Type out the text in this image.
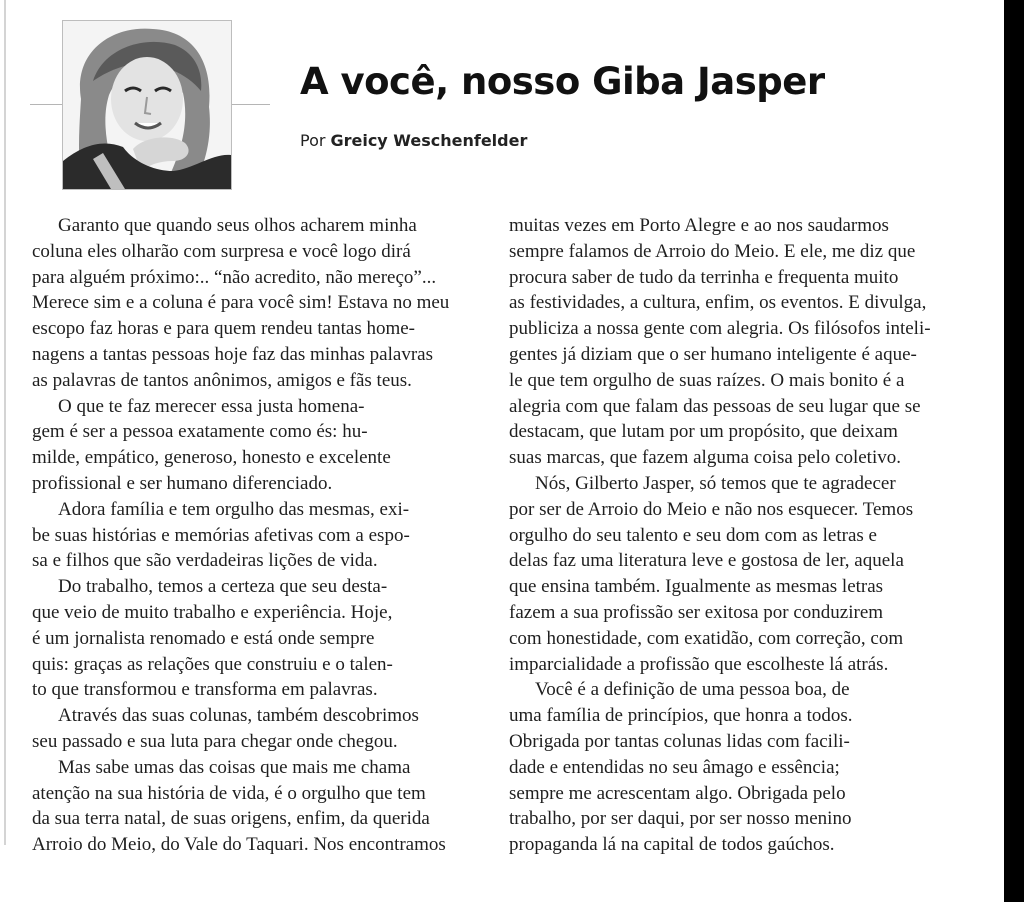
A você, nosso Giba Jasper
Por Greicy Weschenfelder
Garanto que quando seus olhos acharem minha
coluna eles olharão com surpresa e você logo dirá
para alguém próximo:.. “não acredito, não mereço”...
Merece sim e a coluna é para você sim! Estava no meu
escopo faz horas e para quem rendeu tantas home-
nagens a tantas pessoas hoje faz das minhas palavras
as palavras de tantos anônimos, amigos e fãs teus.
O que te faz merecer essa justa homena-
gem é ser a pessoa exatamente como és: hu-
milde, empático, generoso, honesto e excelente
profissional e ser humano diferenciado.
Adora família e tem orgulho das mesmas, exi-
be suas histórias e memórias afetivas com a espo-
sa e filhos que são verdadeiras lições de vida.
Do trabalho, temos a certeza que seu desta-
que veio de muito trabalho e experiência. Hoje,
é um jornalista renomado e está onde sempre
quis: graças as relações que construiu e o talen-
to que transformou e transforma em palavras.
Através das suas colunas, também descobrimos
seu passado e sua luta para chegar onde chegou.
Mas sabe umas das coisas que mais me chama
atenção na sua história de vida, é o orgulho que tem
da sua terra natal, de suas origens, enfim, da querida
Arroio do Meio, do Vale do Taquari. Nos encontramos
muitas vezes em Porto Alegre e ao nos saudarmos
sempre falamos de Arroio do Meio. E ele, me diz que
procura saber de tudo da terrinha e frequenta muito
as festividades, a cultura, enfim, os eventos. E divulga,
publiciza a nossa gente com alegria. Os filósofos inteli-
gentes já diziam que o ser humano inteligente é aque-
le que tem orgulho de suas raízes. O mais bonito é a
alegria com que falam das pessoas de seu lugar que se
destacam, que lutam por um propósito, que deixam
suas marcas, que fazem alguma coisa pelo coletivo.
Nós, Gilberto Jasper, só temos que te agradecer
por ser de Arroio do Meio e não nos esquecer. Temos
orgulho do seu talento e seu dom com as letras e
delas faz uma literatura leve e gostosa de ler, aquela
que ensina também. Igualmente as mesmas letras
fazem a sua profissão ser exitosa por conduzirem
com honestidade, com exatidão, com correção, com
imparcialidade a profissão que escolheste lá atrás.
Você é a definição de uma pessoa boa, de
uma família de princípios, que honra a todos.
Obrigada por tantas colunas lidas com facili-
dade e entendidas no seu âmago e essência;
sempre me acrescentam algo. Obrigada pelo
trabalho, por ser daqui, por ser nosso menino
propaganda lá na capital de todos gaúchos.
